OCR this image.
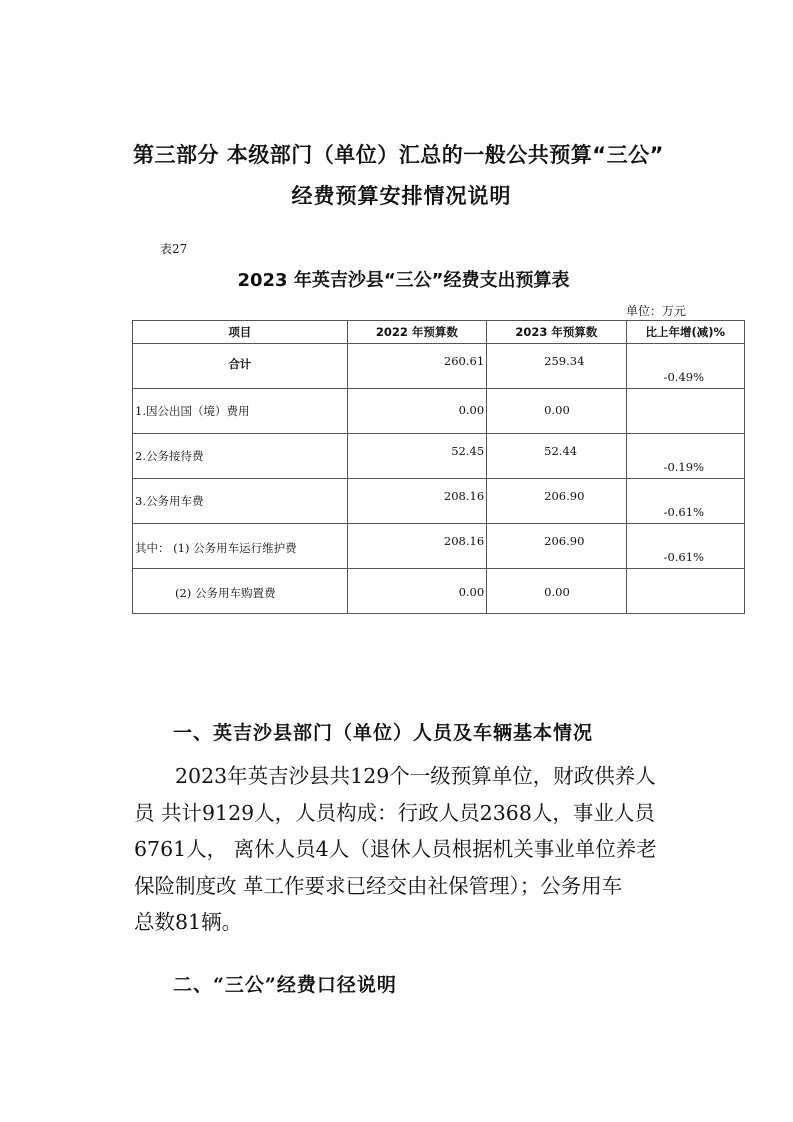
第三部分 本级部门（单位）汇总的一般公共预算“三公”
经费预算安排情况说明
表27
2023 年英吉沙县“三公”经费支出预算表
单位：万元
项目	2022 年预算数	2023 年预算数	比上年增(减)%
合计	260.61	259.34	-0.49%
1.因公出国（境）费用	0.00	0.00	
2.公务接待费	52.45	52.44	-0.19%
3.公务用车费	208.16	206.90	-0.61%
其中： (1) 公务用车运行维护费	208.16	206.90	-0.61%
(2) 公务用车购置费	0.00	0.00	
一、英吉沙县部门（单位）人员及车辆基本情况
2023年英吉沙县共129个一级预算单位，财政供养人
员 共计9129人，人员构成：行政人员2368人，事业人员
6761人， 离休人员4人（退休人员根据机关事业单位养老
保险制度改 革工作要求已经交由社保管理）；公务用车
总数81辆。
二、“三公”经费口径说明
